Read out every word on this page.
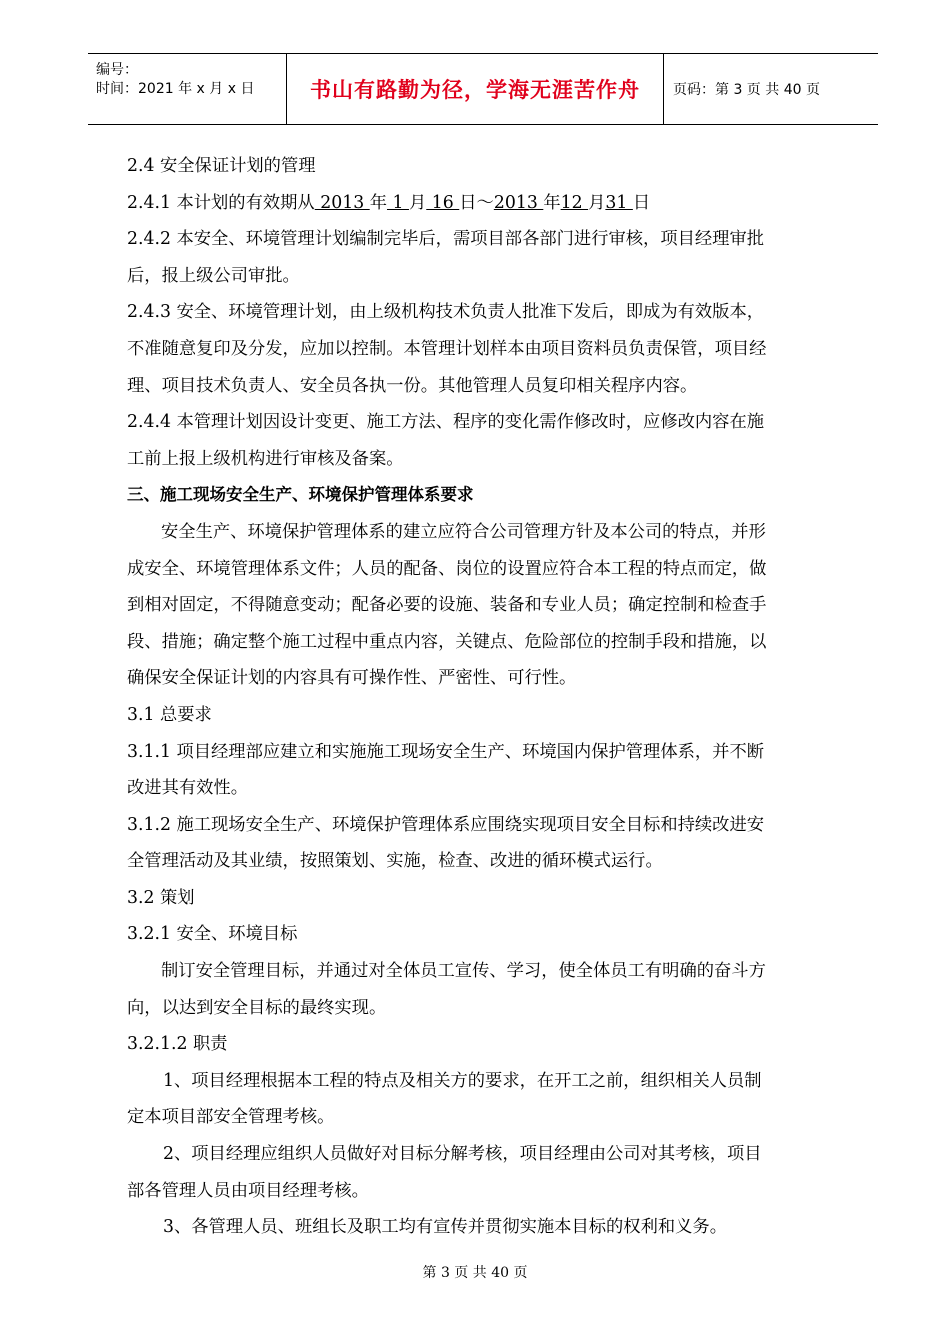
编号：
时间：2021 年 x 月 x 日	书山有路勤为径，学海无涯苦作舟 页码：第 3 页 共 40 页
2.4 安全保证计划的管理
2.4.1 本计划的有效期从 2013 年 1 月 16 日～2013 年12 月31 日
2.4.2 本安全、环境管理计划编制完毕后，需项目部各部门进行审核，项目经理审批
后，报上级公司审批。
2.4.3 安全、环境管理计划，由上级机构技术负责人批准下发后，即成为有效版本，
不准随意复印及分发，应加以控制。本管理计划样本由项目资料员负责保管，项目经
理、项目技术负责人、安全员各执一份。其他管理人员复印相关程序内容。
2.4.4 本管理计划因设计变更、施工方法、程序的变化需作修改时，应修改内容在施
工前上报上级机构进行审核及备案。
三、施工现场安全生产、环境保护管理体系要求
安全生产、环境保护管理体系的建立应符合公司管理方针及本公司的特点，并形
成安全、环境管理体系文件；人员的配备、岗位的设置应符合本工程的特点而定，做
到相对固定，不得随意变动；配备必要的设施、装备和专业人员；确定控制和检查手
段、措施；确定整个施工过程中重点内容，关键点、危险部位的控制手段和措施，以
确保安全保证计划的内容具有可操作性、严密性、可行性。
3.1 总要求
3.1.1 项目经理部应建立和实施施工现场安全生产、环境国内保护管理体系，并不断
改进其有效性。
3.1.2 施工现场安全生产、环境保护管理体系应围绕实现项目安全目标和持续改进安
全管理活动及其业绩，按照策划、实施，检查、改进的循环模式运行。
3.2 策划
3.2.1 安全、环境目标
制订安全管理目标，并通过对全体员工宣传、学习，使全体员工有明确的奋斗方
向，以达到安全目标的最终实现。
3.2.1.2 职责
1、项目经理根据本工程的特点及相关方的要求，在开工之前，组织相关人员制
定本项目部安全管理考核。
2、项目经理应组织人员做好对目标分解考核，项目经理由公司对其考核，项目
部各管理人员由项目经理考核。
3、各管理人员、班组长及职工均有宣传并贯彻实施本目标的权利和义务。
第 3 页 共 40 页
